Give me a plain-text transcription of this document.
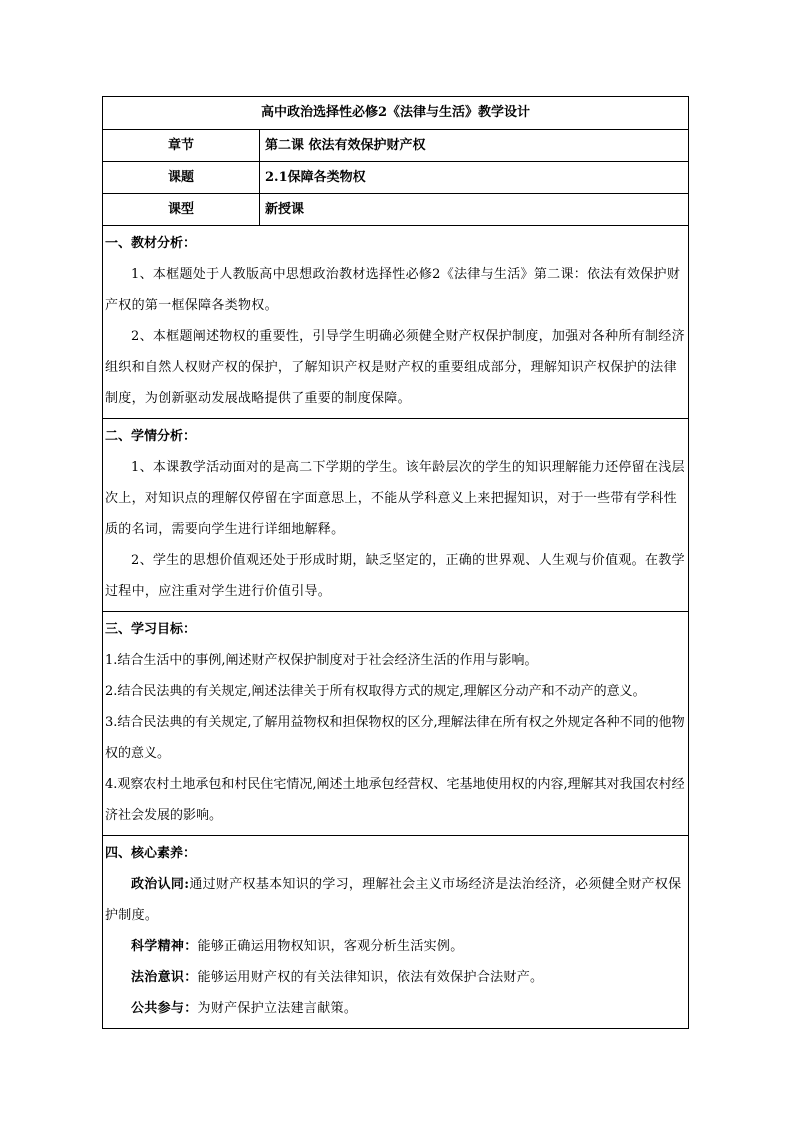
高中政治选择性必修2《法律与生活》教学设计	
章节	第二课 依法有效保护财产权
课题	2.1保障各类物权
课型	新授课

一、教材分析：
1、本框题处于人教版高中思想政治教材选择性必修2《法律与生活》第二课：依法有效保护财产权的第一框保障各类物权。
2、本框题阐述物权的重要性，引导学生明确必须健全财产权保护制度，加强对各种所有制经济组织和自然人权财产权的保护，了解知识产权是财产权的重要组成部分，理解知识产权保护的法律制度，为创新驱动发展战略提供了重要的制度保障。	

二、学情分析：
1、本课教学活动面对的是高二下学期的学生。该年龄层次的学生的知识理解能力还停留在浅层次上，对知识点的理解仅停留在字面意思上，不能从学科意义上来把握知识，对于一些带有学科性质的名词，需要向学生进行详细地解释。
2、学生的思想价值观还处于形成时期，缺乏坚定的，正确的世界观、人生观与价值观。在教学过程中，应注重对学生进行价值引导。	

三、学习目标：
1.结合生活中的事例,阐述财产权保护制度对于社会经济生活的作用与影响。
2.结合民法典的有关规定,阐述法律关于所有权取得方式的规定,理解区分动产和不动产的意义。
3.结合民法典的有关规定,了解用益物权和担保物权的区分,理解法律在所有权之外规定各种不同的他物权的意义。
4.观察农村土地承包和村民住宅情况,阐述土地承包经营权、宅基地使用权的内容,理解其对我国农村经济社会发展的影响。	

四、核心素养：
政治认同:通过财产权基本知识的学习，理解社会主义市场经济是法治经济，必须健全财产权保护制度。
科学精神：能够正确运用物权知识，客观分析生活实例。
法治意识：能够运用财产权的有关法律知识，依法有效保护合法财产。
公共参与：为财产保护立法建言献策。	
